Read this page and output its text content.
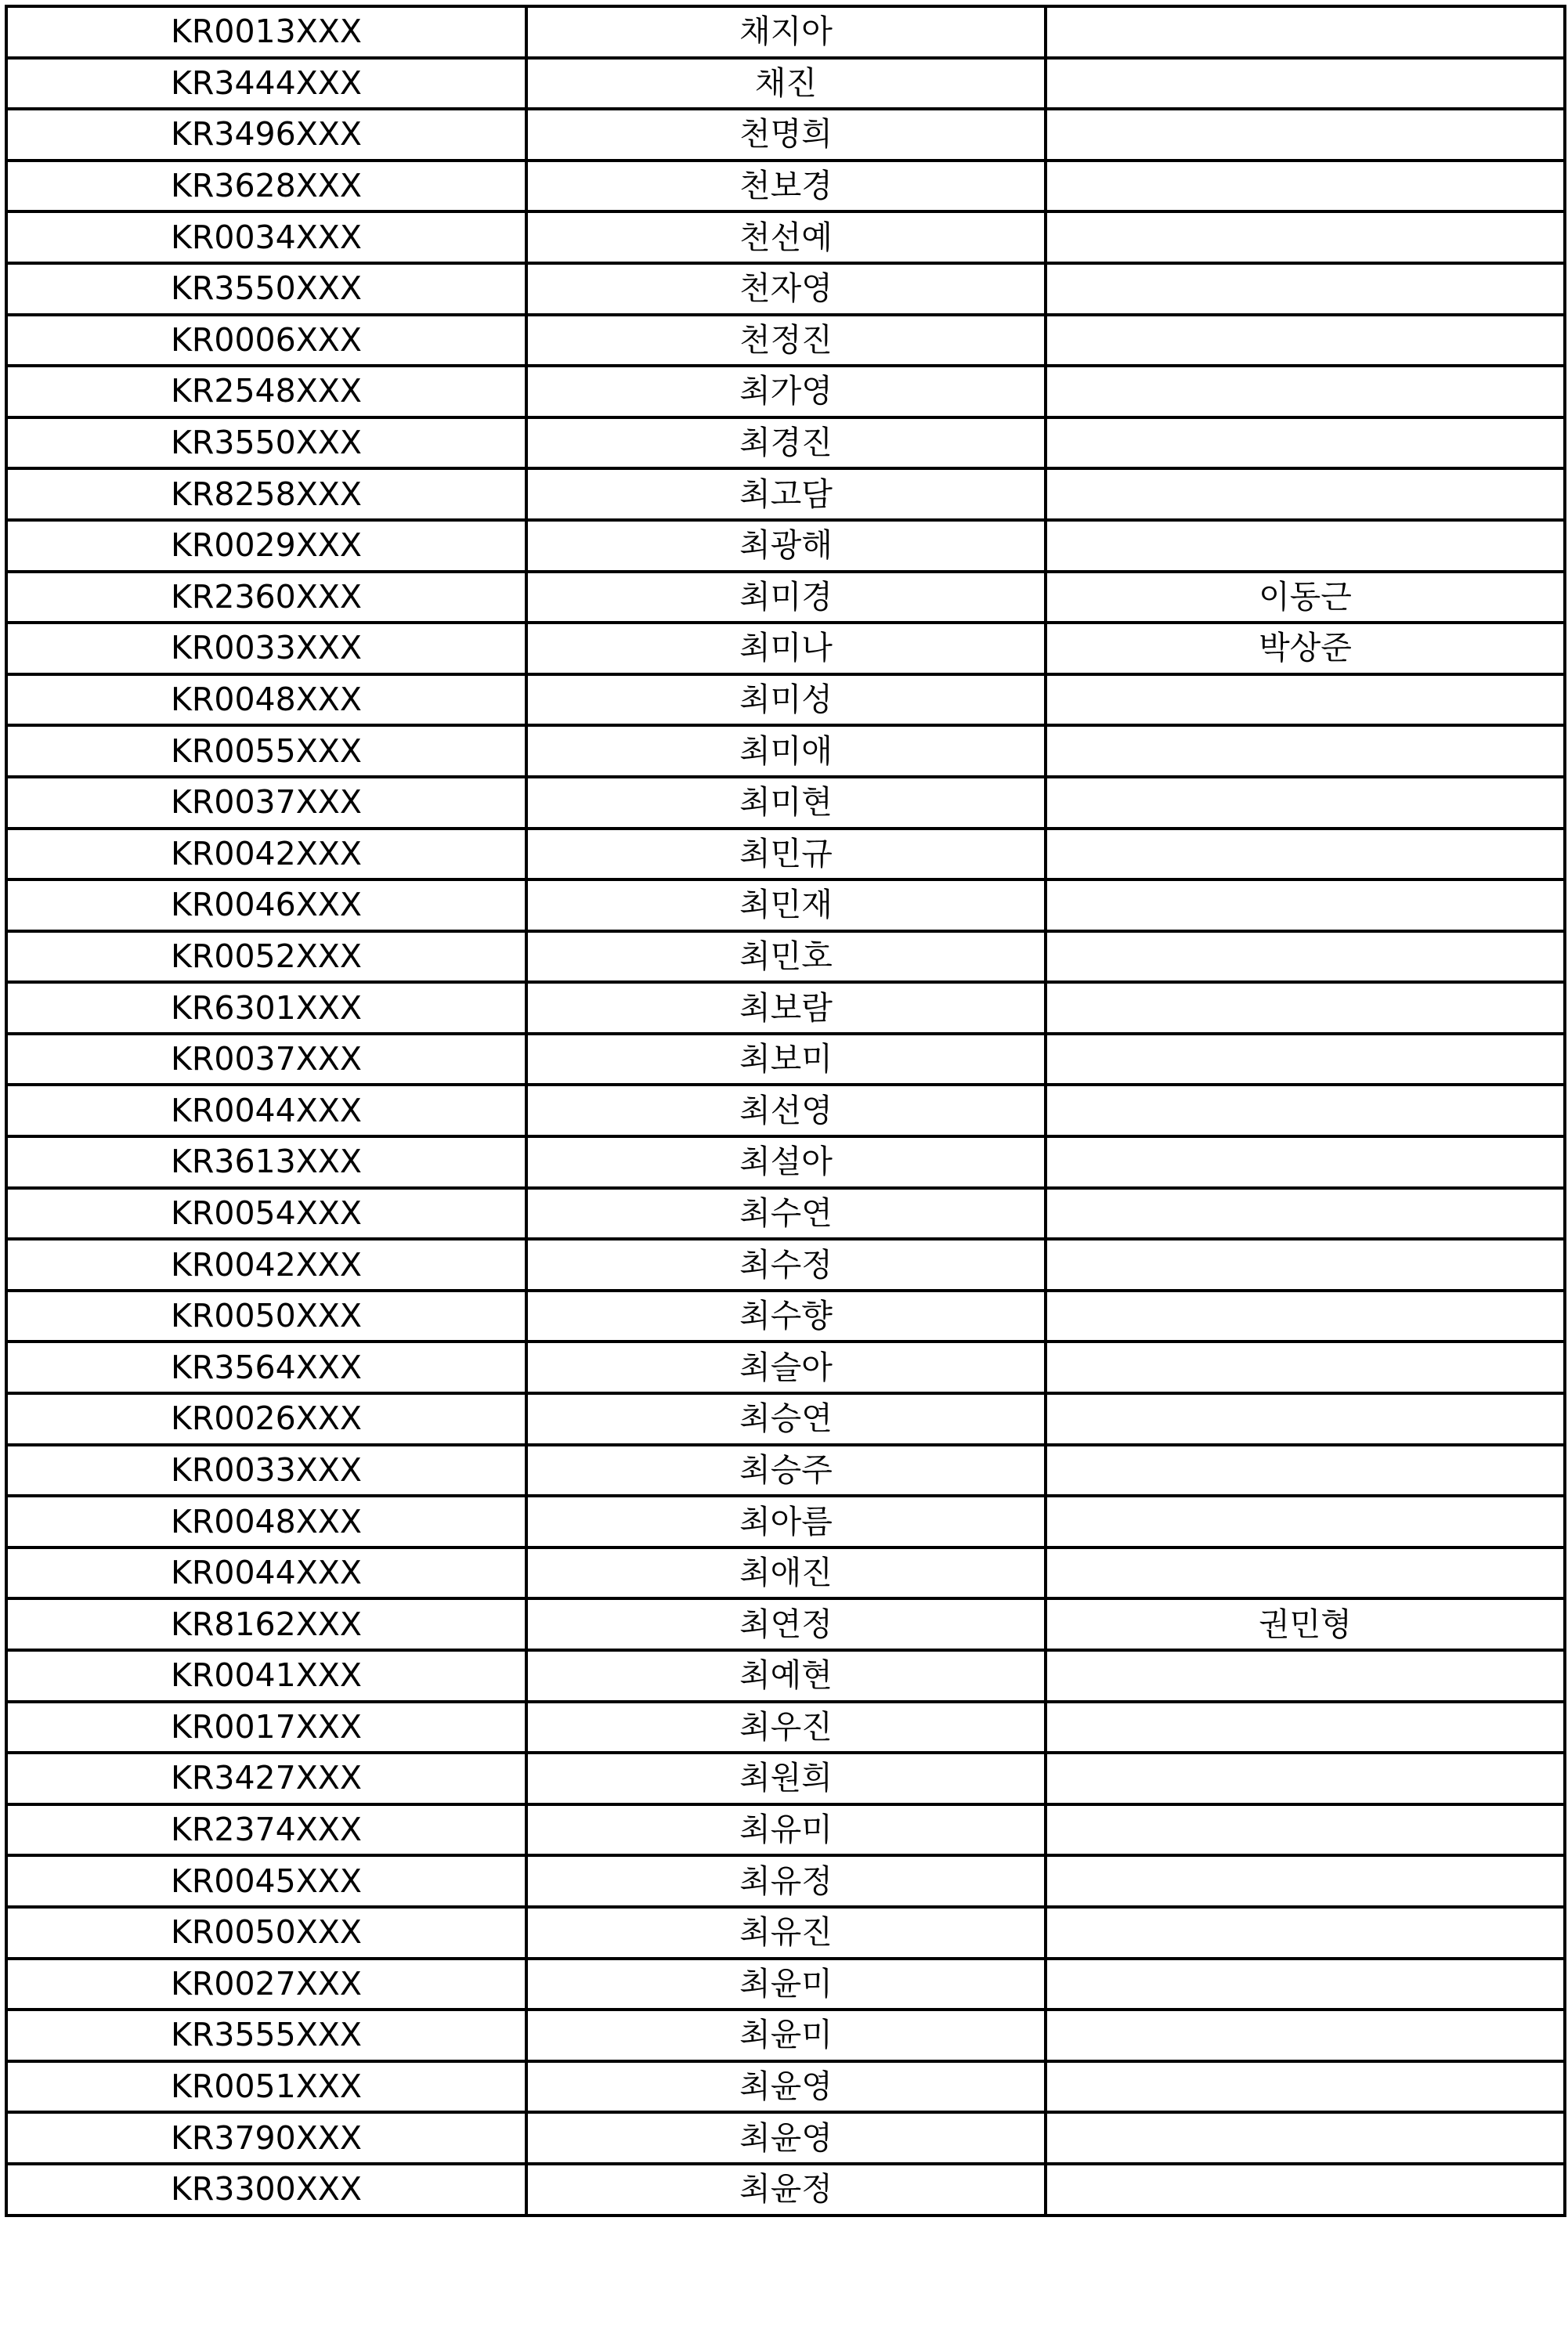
KR0013XXX	채지아	
KR3444XXX	채진	
KR3496XXX	천명희	
KR3628XXX	천보경	
KR0034XXX	천선예	
KR3550XXX	천자영	
KR0006XXX	천정진	
KR2548XXX	최가영	
KR3550XXX	최경진	
KR8258XXX	최고담	
KR0029XXX	최광해	
KR2360XXX	최미경	이동근
KR0033XXX	최미나	박상준
KR0048XXX	최미성	
KR0055XXX	최미애	
KR0037XXX	최미현	
KR0042XXX	최민규	
KR0046XXX	최민재	
KR0052XXX	최민호	
KR6301XXX	최보람	
KR0037XXX	최보미	
KR0044XXX	최선영	
KR3613XXX	최설아	
KR0054XXX	최수연	
KR0042XXX	최수정	
KR0050XXX	최수향	
KR3564XXX	최슬아	
KR0026XXX	최승연	
KR0033XXX	최승주	
KR0048XXX	최아름	
KR0044XXX	최애진	
KR8162XXX	최연정	권민형
KR0041XXX	최예현	
KR0017XXX	최우진	
KR3427XXX	최원희	
KR2374XXX	최유미	
KR0045XXX	최유정	
KR0050XXX	최유진	
KR0027XXX	최윤미	
KR3555XXX	최윤미	
KR0051XXX	최윤영	
KR3790XXX	최윤영	
KR3300XXX	최윤정	
